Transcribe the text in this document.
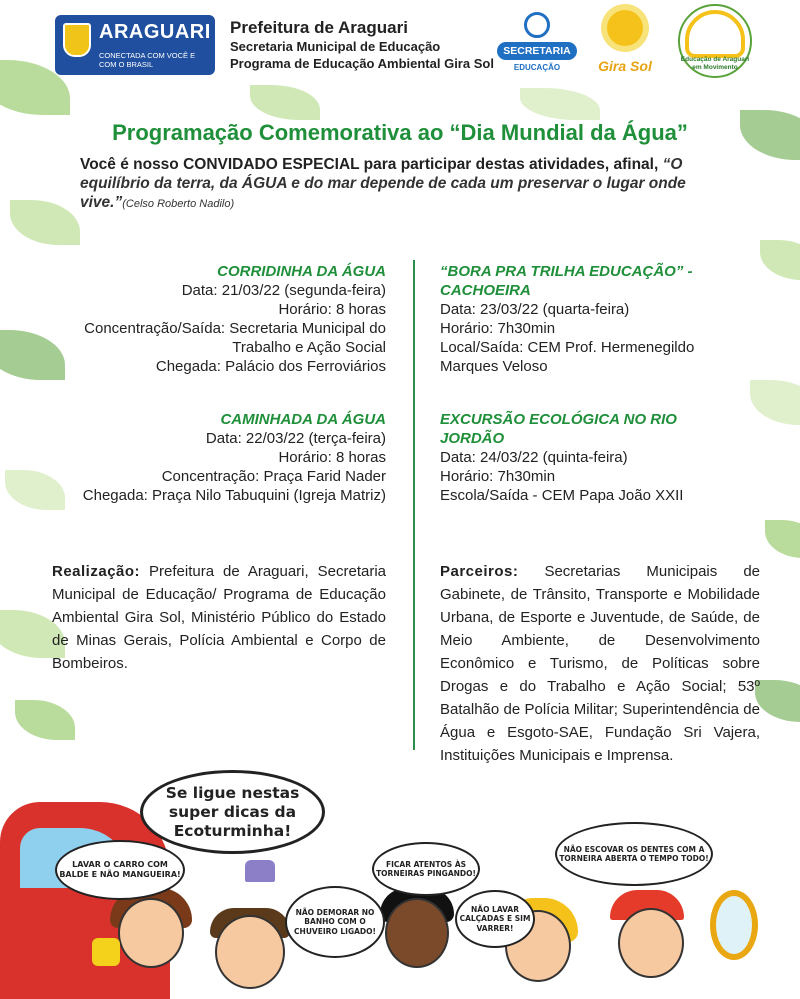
ARAGUARI
CONECTADA COM VOCÊ E COM O BRASIL
Prefeitura de Araguari
Secretaria Municipal de Educação
Programa de Educação Ambiental Gira Sol
SECRETARIA
EDUCAÇÃO	Gira Sol	Educação de Araguari em Movimento
Programação Comemorativa ao “Dia Mundial da Água”
Você é nosso CONVIDADO ESPECIAL para participar destas atividades, afinal, “O equilíbrio da terra, da ÁGUA e do mar depende de cada um preservar o lugar onde vive.”(Celso Roberto Nadilo)
CORRIDINHA DA ÁGUA
Data: 21/03/22 (segunda-feira)
Horário: 8 horas
Concentração/Saída: Secretaria Municipal do
Trabalho e Ação Social
Chegada: Palácio dos Ferroviários
CAMINHADA DA ÁGUA
Data: 22/03/22 (terça-feira)
Horário: 8 horas
Concentração: Praça Farid Nader
Chegada: Praça Nilo Tabuquini (Igreja Matriz)
“BORA PRA TRILHA EDUCAÇÃO” - CACHOEIRA
Data: 23/03/22 (quarta-feira)
Horário: 7h30min
Local/Saída: CEM Prof. Hermenegildo
Marques Veloso
EXCURSÃO ECOLÓGICA NO RIO JORDÃO
Data: 24/03/22 (quinta-feira)
Horário: 7h30min
Escola/Saída - CEM Papa João XXII
Realização: Prefeitura de Araguari, Secretaria Municipal de Educação/ Programa de Educação Ambiental Gira Sol, Ministério Público do Estado de Minas Gerais, Polícia Ambiental e Corpo de Bombeiros.
Parceiros: Secretarias Municipais de Gabinete, de Trânsito, Transporte e Mobilidade Urbana, de Esporte e Juventude, de Saúde, de Meio Ambiente, de Desenvolvimento Econômico e Turismo, de Políticas sobre Drogas e do Trabalho e Ação Social; 53º Batalhão de Polícia Militar; Superintendência de Água e Esgoto-SAE, Fundação Sri Vajera, Instituições Municipais e Imprensa.
Se ligue nestas super dicas da Ecoturminha!
LAVAR O CARRO COM BALDE E NÃO MANGUEIRA!
NÃO DEMORAR NO BANHO COM O CHUVEIRO LIGADO!
FICAR ATENTOS ÀS TORNEIRAS PINGANDO!
NÃO LAVAR CALÇADAS E SIM VARRER!
NÃO ESCOVAR OS DENTES COM A TORNEIRA ABERTA O TEMPO TODO!
